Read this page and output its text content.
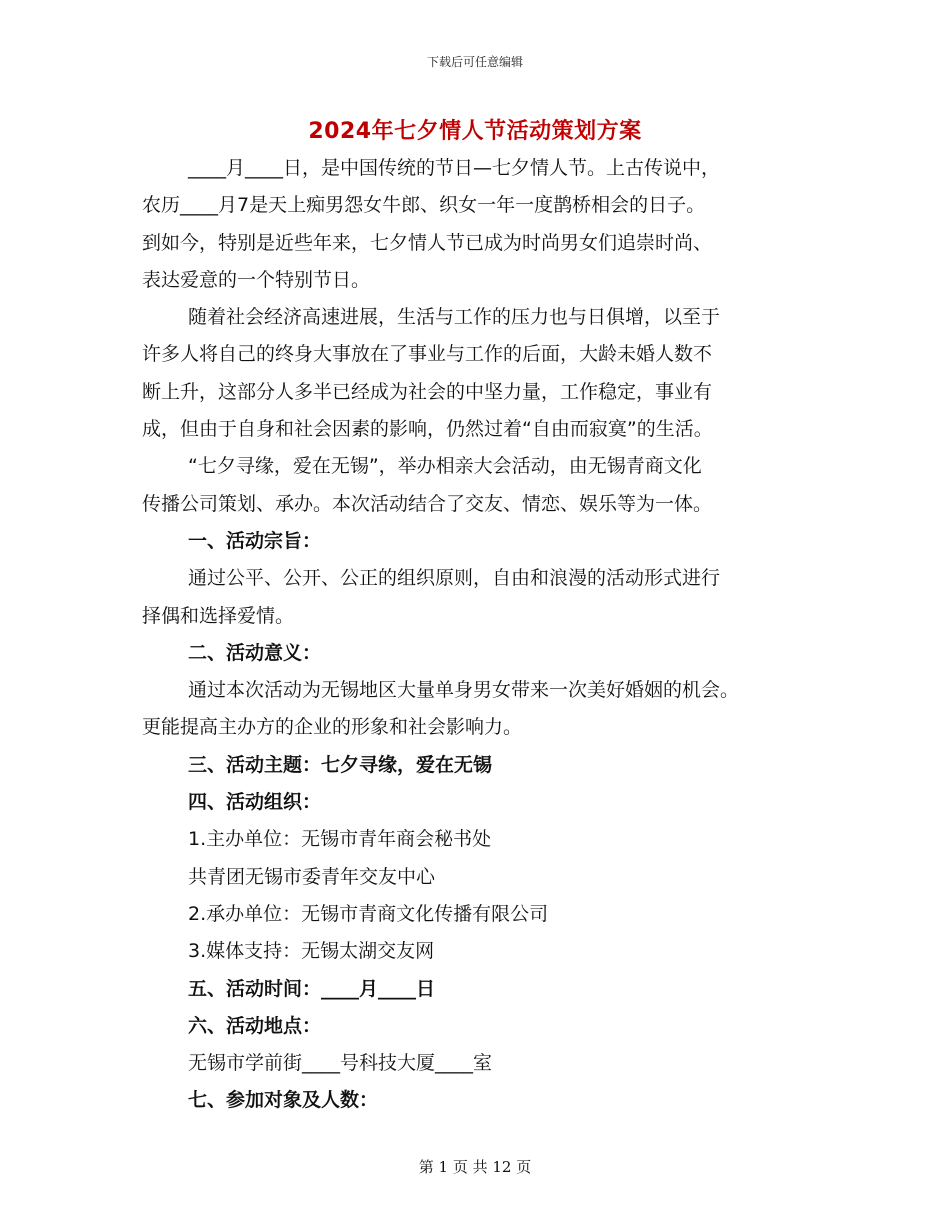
下载后可任意编辑
2024年七夕情人节活动策划方案

____月____日，是中国传统的节日—七夕情人节。上古传说中，

农历____月7是天上痴男怨女牛郎、织女一年一度鹊桥相会的日子。

到如今，特别是近些年来，七夕情人节已成为时尚男女们追崇时尚、

表达爱意的一个特别节日。

随着社会经济高速进展，生活与工作的压力也与日俱增，以至于

许多人将自己的终身大事放在了事业与工作的后面，大龄未婚人数不

断上升，这部分人多半已经成为社会的中坚力量，工作稳定，事业有

成，但由于自身和社会因素的影响，仍然过着“自由而寂寞”的生活。

“七夕寻缘，爱在无锡”，举办相亲大会活动，由无锡青商文化

传播公司策划、承办。本次活动结合了交友、情恋、娱乐等为一体。

一、活动宗旨：

通过公平、公开、公正的组织原则，自由和浪漫的活动形式进行

择偶和选择爱情。

二、活动意义：

通过本次活动为无锡地区大量单身男女带来一次美好婚姻的机会。

更能提高主办方的企业的形象和社会影响力。

三、活动主题：七夕寻缘，爱在无锡

四、活动组织：

1.主办单位：无锡市青年商会秘书处

共青团无锡市委青年交友中心

2.承办单位：无锡市青商文化传播有限公司

3.媒体支持：无锡太湖交友网

五、活动时间：____月____日

六、活动地点：

无锡市学前街____号科技大厦____室

七、参加对象及人数：

第 1 页 共 12 页
